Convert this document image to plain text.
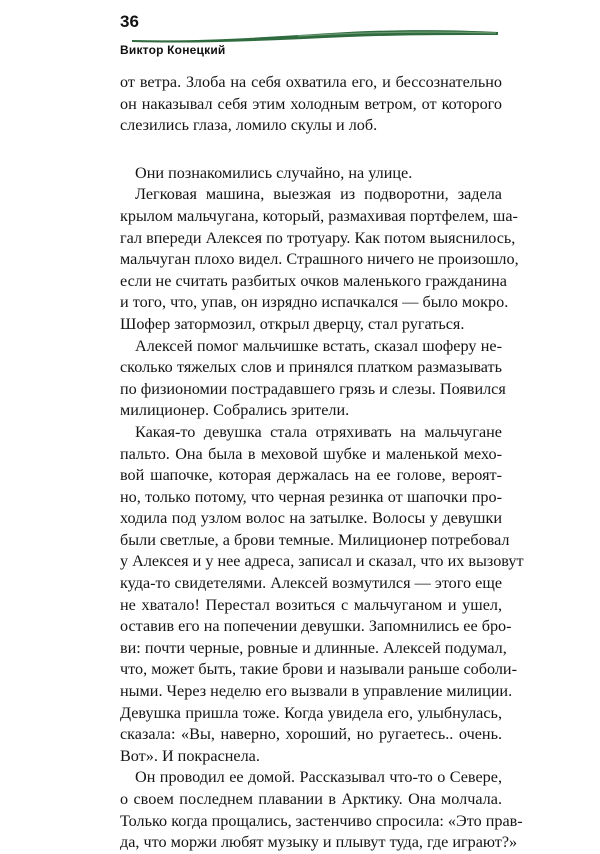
36
Виктор Конецкий
от ветра. Злоба на себя охватила его, и бессознательно
он наказывал себя этим холодным ветром, от которого
слезились глаза, ломило скулы и лоб.
Они познакомились случайно, на улице.
Легковая машина, выезжая из подворотни, задела
крылом мальчугана, который, размахивая портфелем, ша-
гал впереди Алексея по тротуару. Как потом выяснилось,
мальчуган плохо видел. Страшного ничего не произошло,
если не считать разбитых очков маленького гражданина
и того, что, упав, он изрядно испачкался — было мокро.
Шофер затормозил, открыл дверцу, стал ругаться.
Алексей помог мальчишке встать, сказал шоферу не-
сколько тяжелых слов и принялся платком размазывать
по физиономии пострадавшего грязь и слезы. Появился
милиционер. Собрались зрители.
Какая-то девушка стала отряхивать на мальчугане
пальто. Она была в меховой шубке и маленькой мехо-
вой шапочке, которая держалась на ее голове, вероят-
но, только потому, что черная резинка от шапочки про-
ходила под узлом волос на затылке. Волосы у девушки
были светлые, а брови темные. Милиционер потребовал
у Алексея и у нее адреса, записал и сказал, что их вызовут
куда-то свидетелями. Алексей возмутился — этого еще
не хватало! Перестал возиться с мальчуганом и ушел,
оставив его на попечении девушки. Запомнились ее бро-
ви: почти черные, ровные и длинные. Алексей подумал,
что, может быть, такие брови и называли раньше соболи-
ными. Через неделю его вызвали в управление милиции.
Девушка пришла тоже. Когда увидела его, улыбнулась,
сказала: «Вы, наверно, хороший, но ругаетесь.. очень.
Вот». И покраснела.
Он проводил ее домой. Рассказывал что-то о Севере,
о своем последнем плавании в Арктику. Она молчала.
Только когда прощались, застенчиво спросила: «Это прав-
да, что моржи любят музыку и плывут туда, где играют?»
